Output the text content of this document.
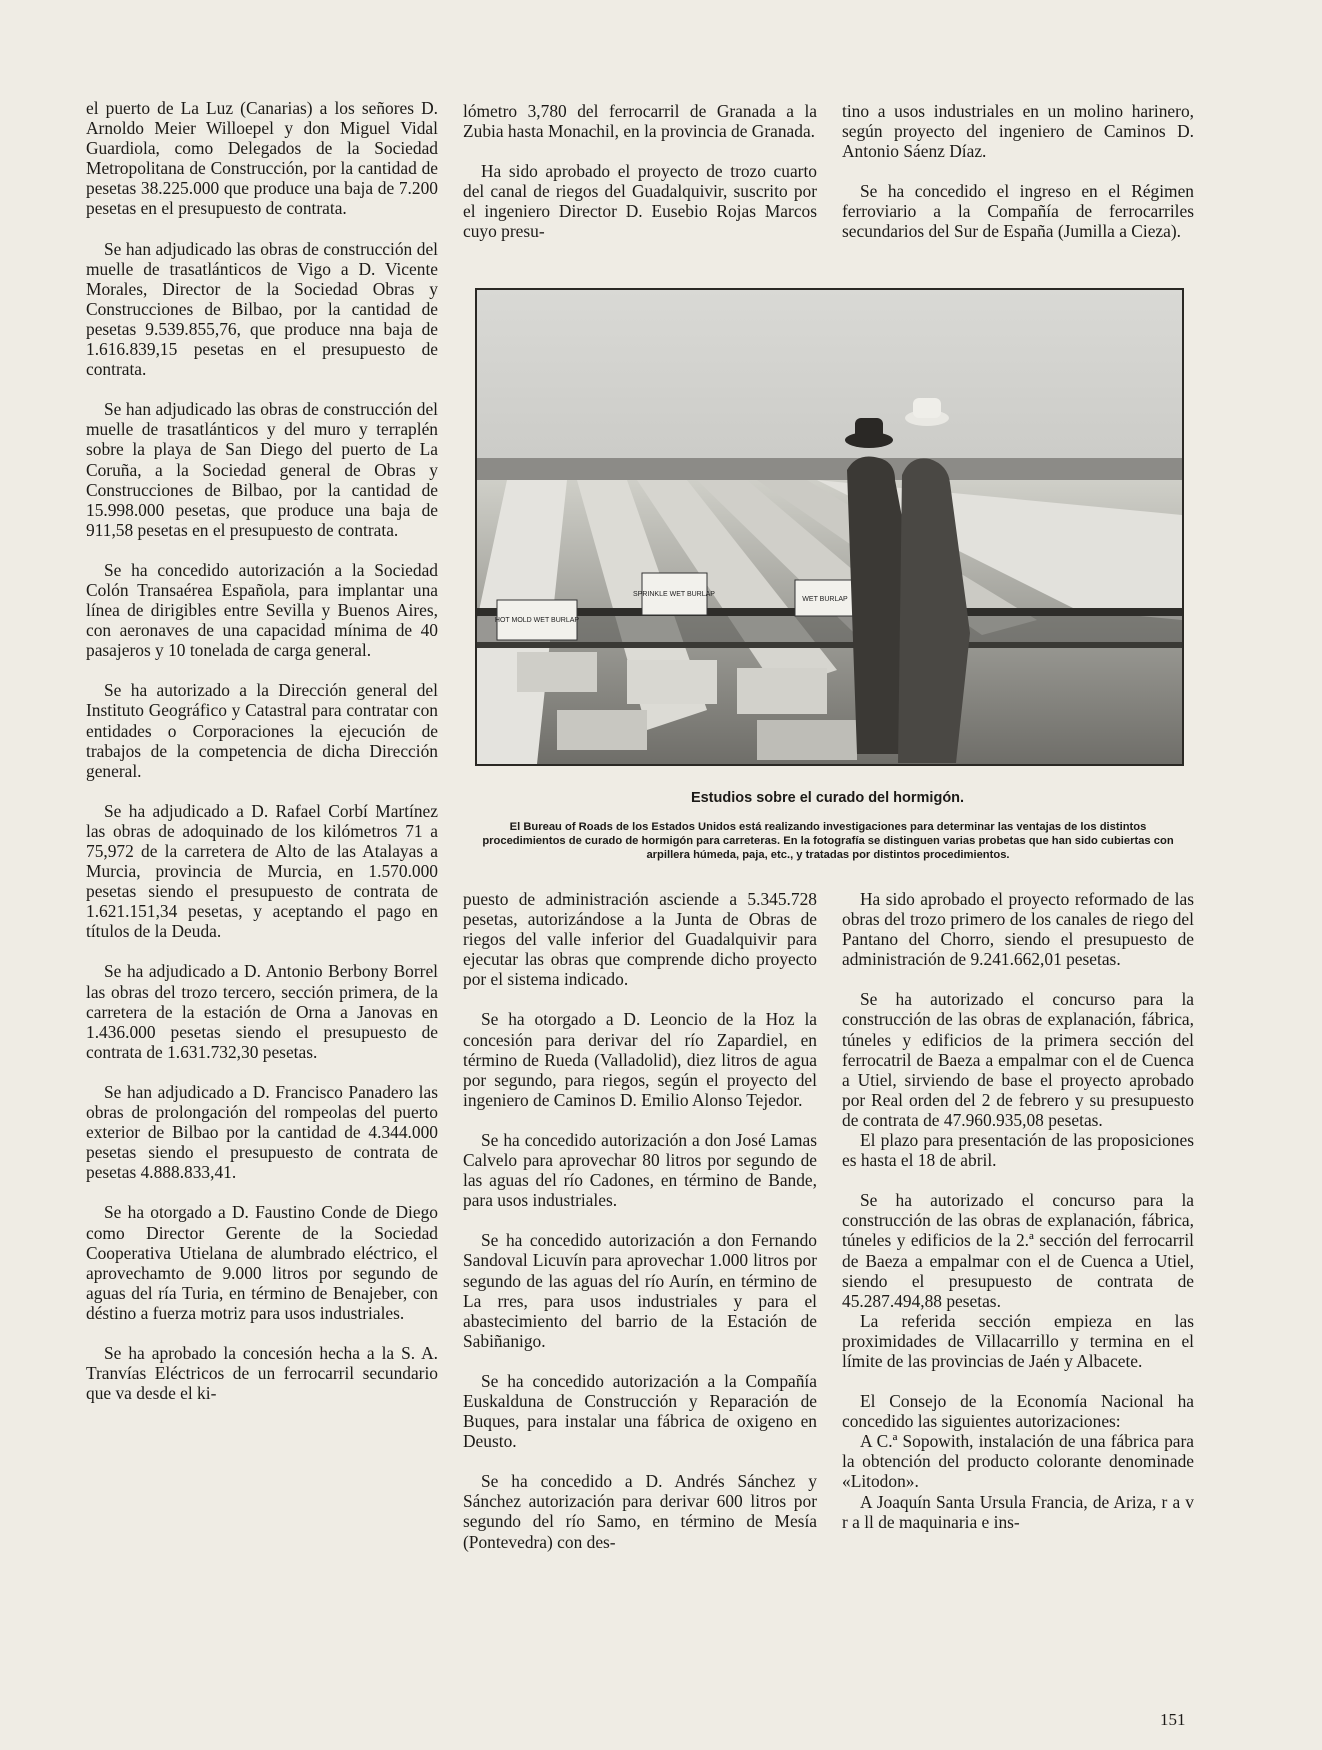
el puerto de La Luz (Canarias) a los señores D. Arnoldo Meier Willoepel y don Miguel Vidal Guardiola, como Delegados de la Sociedad Metropolitana de Construcción, por la cantidad de pesetas 38.225.000 que produce una baja de 7.200 pesetas en el presupuesto de contrata.

Se han adjudicado las obras de construcción del muelle de trasatlánticos de Vigo a D. Vicente Morales, Director de la Sociedad Obras y Construcciones de Bilbao, por la cantidad de pesetas 9.539.855,76, que produce nna baja de 1.616.839,15 pesetas en el presupuesto de contrata.

Se han adjudicado las obras de construcción del muelle de trasatlánticos y del muro y terraplén sobre la playa de San Diego del puerto de La Coruña, a la Sociedad general de Obras y Construcciones de Bilbao, por la cantidad de 15.998.000 pesetas, que produce una baja de 911,58 pesetas en el presupuesto de contrata.

Se ha concedido autorización a la Sociedad Colón Transaérea Española, para implantar una línea de dirigibles entre Sevilla y Buenos Aires, con aeronaves de una capacidad mínima de 40 pasajeros y 10 tonelada de carga general.

Se ha autorizado a la Dirección general del Instituto Geográfico y Catastral para contratar con entidades o Corporaciones la ejecución de trabajos de la competencia de dicha Dirección general.

Se ha adjudicado a D. Rafael Corbí Martínez las obras de adoquinado de los kilómetros 71 a 75,972 de la carretera de Alto de las Atalayas a Murcia, provincia de Murcia, en 1.570.000 pesetas siendo el presupuesto de contrata de 1.621.151,34 pesetas, y aceptando el pago en títulos de la Deuda.

Se ha adjudicado a D. Antonio Berbony Borrel las obras del trozo tercero, sección primera, de la carretera de la estación de Orna a Janovas en 1.436.000 pesetas siendo el presupuesto de contrata de 1.631.732,30 pesetas.

Se han adjudicado a D. Francisco Panadero las obras de prolongación del rompeolas del puerto exterior de Bilbao por la cantidad de 4.344.000 pesetas siendo el presupuesto de contrata de pesetas 4.888.833,41.

Se ha otorgado a D. Faustino Conde de Diego como Director Gerente de la Sociedad Cooperativa Utielana de alumbrado eléctrico, el aprovechamto de 9.000 litros por segundo de aguas del ría Turia, en término de Benajeber, con déstino a fuerza motriz para usos industriales.

Se ha aprobado la concesión hecha a la S. A. Tranvías Eléctricos de un ferrocarril secundario que va desde el ki-

lómetro 3,780 del ferrocarril de Granada a la Zubia hasta Monachil, en la provincia de Granada.

Ha sido aprobado el proyecto de trozo cuarto del canal de riegos del Guadalquivir, suscrito por el ingeniero Director D. Eusebio Rojas Marcos cuyo presu-

tino a usos industriales en un molino harinero, según proyecto del ingeniero de Caminos D. Antonio Sáenz Díaz.

Se ha concedido el ingreso en el Régimen ferroviario a la Compañía de ferrocarriles secundarios del Sur de España (Jumilla a Cieza).

HOT MOLD WET BURLAP
SPRINKLE WET BURLAP
WET BURLAP
Estudios sobre el curado del hormigón.
El Bureau of Roads de los Estados Unidos está realizando investigaciones para determinar las ventajas de los distintos procedimientos de curado de hormigón para carreteras. En la fotografía se distinguen varias probetas que han sido cubiertas con arpillera húmeda, paja, etc., y tratadas por distintos procedimientos.

puesto de administración asciende a 5.345.728 pesetas, autorizándose a la Junta de Obras de riegos del valle inferior del Guadalquivir para ejecutar las obras que comprende dicho proyecto por el sistema indicado.

Se ha otorgado a D. Leoncio de la Hoz la concesión para derivar del río Zapardiel, en término de Rueda (Valladolid), diez litros de agua por segundo, para riegos, según el proyecto del ingeniero de Caminos D. Emilio Alonso Tejedor.

Se ha concedido autorización a don José Lamas Calvelo para aprovechar 80 litros por segundo de las aguas del río Cadones, en término de Bande, para usos industriales.

Se ha concedido autorización a don Fernando Sandoval Licuvín para aprovechar 1.000 litros por segundo de las aguas del río Aurín, en término de La rres, para usos industriales y para el abastecimiento del barrio de la Estación de Sabiñanigo.

Se ha concedido autorización a la Compañía Euskalduna de Construcción y Reparación de Buques, para instalar una fábrica de oxigeno en Deusto.

Se ha concedido a D. Andrés Sánchez y Sánchez autorización para derivar 600 litros por segundo del río Samo, en término de Mesía (Pontevedra) con des-

Ha sido aprobado el proyecto reformado de las obras del trozo primero de los canales de riego del Pantano del Chorro, siendo el presupuesto de administración de 9.241.662,01 pesetas.

Se ha autorizado el concurso para la construcción de las obras de explanación, fábrica, túneles y edificios de la primera sección del ferrocatril de Baeza a empalmar con el de Cuenca a Utiel, sirviendo de base el proyecto aprobado por Real orden del 2 de febrero y su presupuesto de contrata de 47.960.935,08 pesetas.

El plazo para presentación de las proposiciones es hasta el 18 de abril.

Se ha autorizado el concurso para la construcción de las obras de explanación, fábrica, túneles y edificios de la 2.ª sección del ferrocarril de Baeza a empalmar con el de Cuenca a Utiel, siendo el presupuesto de contrata de 45.287.494,88 pesetas.

La referida sección empieza en las proximidades de Villacarrillo y termina en el límite de las provincias de Jaén y Albacete.

El Consejo de la Economía Nacional ha concedido las siguientes autorizaciones:

A C.ª Sopowith, instalación de una fábrica para la obtención del producto colorante denominade «Litodon».

A Joaquín Santa Ursula Francia, de Ariza, r a v r a ll de maquinaria e ins-

151
